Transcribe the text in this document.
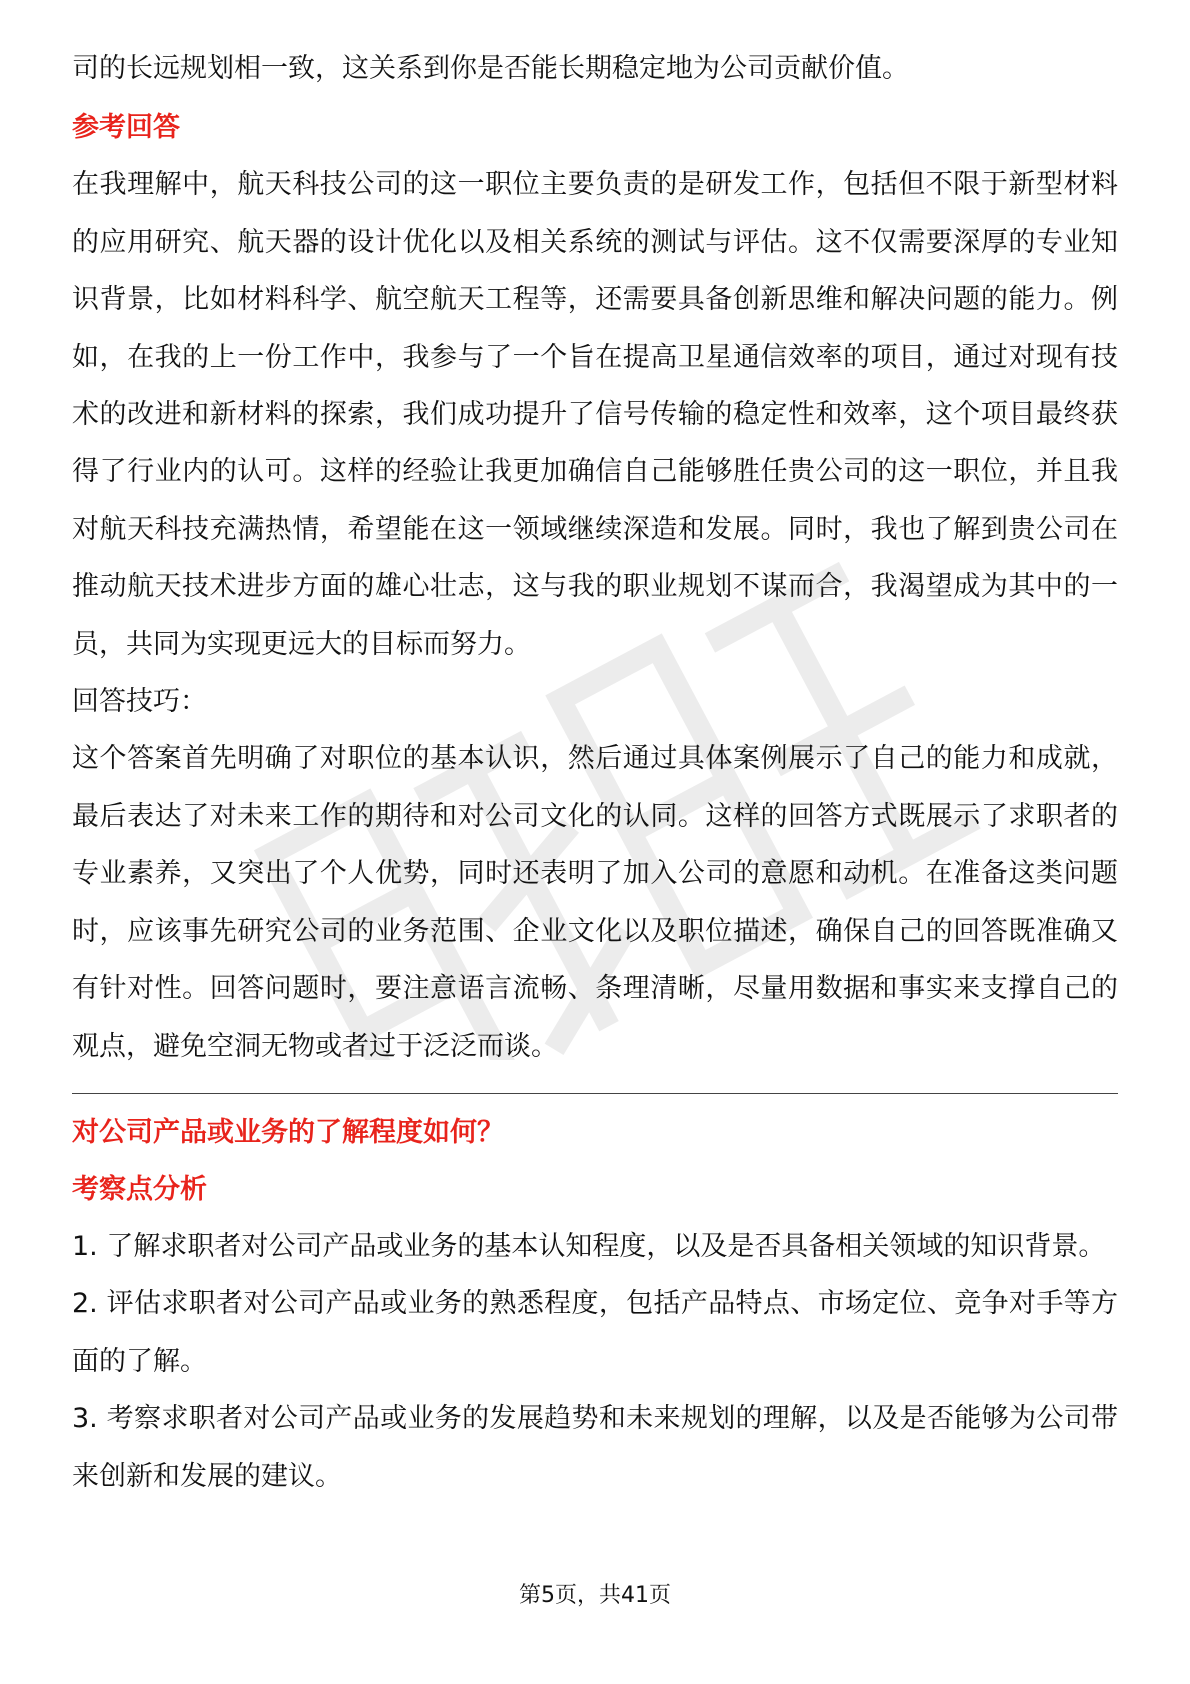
司的长远规划相一致，这关系到你是否能长期稳定地为公司贡献价值。

参考回答

在我理解中，航天科技公司的这一职位主要负责的是研发工作，包括但不限于新型材料的应用研究、航天器的设计优化以及相关系统的测试与评估。这不仅需要深厚的专业知识背景，比如材料科学、航空航天工程等，还需要具备创新思维和解决问题的能力。例如，在我的上一份工作中，我参与了一个旨在提高卫星通信效率的项目，通过对现有技术的改进和新材料的探索，我们成功提升了信号传输的稳定性和效率，这个项目最终获得了行业内的认可。这样的经验让我更加确信自己能够胜任贵公司的这一职位，并且我对航天科技充满热情，希望能在这一领域继续深造和发展。同时，我也了解到贵公司在推动航天技术进步方面的雄心壮志，这与我的职业规划不谋而合，我渴望成为其中的一员，共同为实现更远大的目标而努力。

回答技巧：

这个答案首先明确了对职位的基本认识，然后通过具体案例展示了自己的能力和成就，最后表达了对未来工作的期待和对公司文化的认同。这样的回答方式既展示了求职者的专业素养，又突出了个人优势，同时还表明了加入公司的意愿和动机。在准备这类问题时，应该事先研究公司的业务范围、企业文化以及职位描述，确保自己的回答既准确又有针对性。回答问题时，要注意语言流畅、条理清晰，尽量用数据和事实来支撑自己的观点，避免空洞无物或者过于泛泛而谈。

对公司产品或业务的了解程度如何？

考察点分析

1. 了解求职者对公司产品或业务的基本认知程度，以及是否具备相关领域的知识背景。

2. 评估求职者对公司产品或业务的熟悉程度，包括产品特点、市场定位、竞争对手等方面的了解。

3. 考察求职者对公司产品或业务的发展趋势和未来规划的理解，以及是否能够为公司带来创新和发展的建议。

第5页，共41页
